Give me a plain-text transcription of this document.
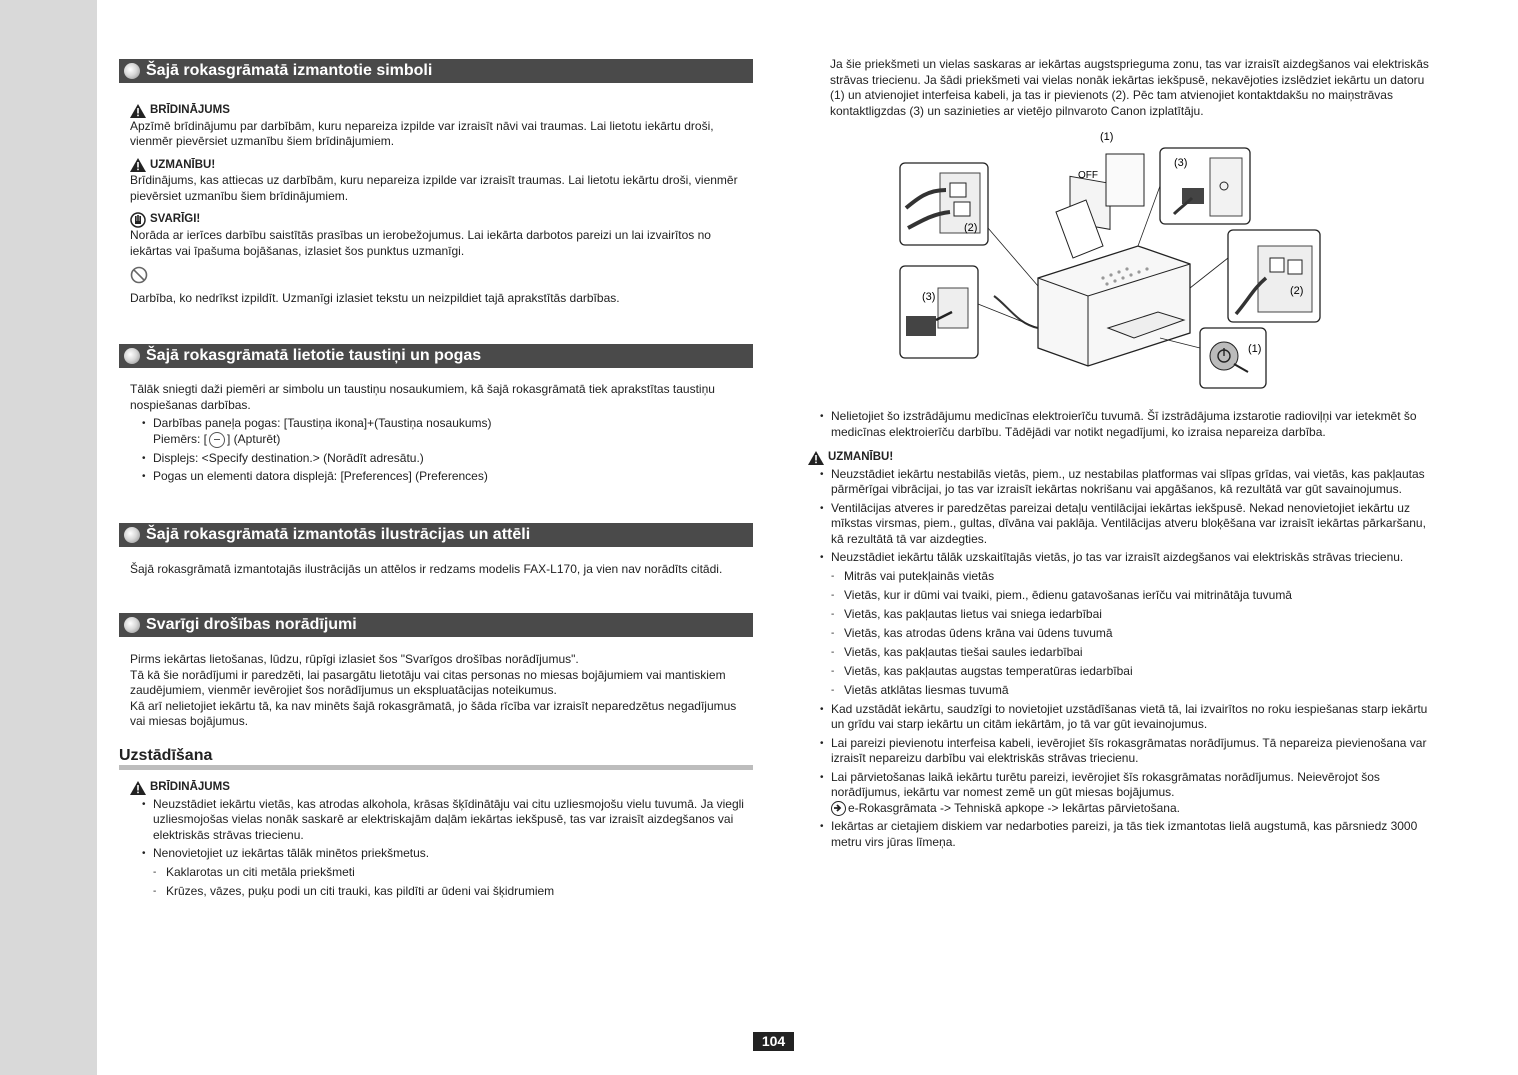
Šajā rokasgrāmatā izmantotie simboli
BRĪDINĀJUMS
Apzīmē brīdinājumu par darbībām, kuru nepareiza izpilde var izraisīt nāvi vai traumas. Lai lietotu iekārtu droši, vienmēr pievērsiet uzmanību šiem brīdinājumiem.
UZMANĪBU!
Brīdinājums, kas attiecas uz darbībām, kuru nepareiza izpilde var izraisīt traumas. Lai lietotu iekārtu droši, vienmēr pievērsiet uzmanību šiem brīdinājumiem.
SVARĪGI!
Norāda ar ierīces darbību saistītās prasības un ierobežojumus. Lai iekārta darbotos pareizi un lai izvairītos no iekārtas vai īpašuma bojāšanas, izlasiet šos punktus uzmanīgi.
Darbība, ko nedrīkst izpildīt. Uzmanīgi izlasiet tekstu un neizpildiet tajā aprakstītās darbības.
Šajā rokasgrāmatā lietotie taustiņi un pogas
Tālāk sniegti daži piemēri ar simbolu un taustiņu nosaukumiem, kā šajā rokasgrāmatā tiek aprakstītas taustiņu nospiešanas darbības.
• Darbības paneļa pogas: [Taustiņa ikona]+(Taustiņa nosaukums)
Piemērs: [ ] (Apturēt)
• Displejs: <Specify destination.> (Norādīt adresātu.)
• Pogas un elementi datora displejā: [Preferences] (Preferences)
Šajā rokasgrāmatā izmantotās ilustrācijas un attēli
Šajā rokasgrāmatā izmantotajās ilustrācijās un attēlos ir redzams modelis FAX-L170, ja vien nav norādīts citādi.
Svarīgi drošības norādījumi
Pirms iekārtas lietošanas, lūdzu, rūpīgi izlasiet šos "Svarīgos drošības norādījumus".
Tā kā šie norādījumi ir paredzēti, lai pasargātu lietotāju vai citas personas no miesas bojājumiem vai mantiskiem zaudējumiem, vienmēr ievērojiet šos norādījumus un ekspluatācijas noteikumus.
Kā arī nelietojiet iekārtu tā, ka nav minēts šajā rokasgrāmatā, jo šāda rīcība var izraisīt neparedzētus negadījumus vai miesas bojājumus.
Uzstādīšana
BRĪDINĀJUMS
• Neuzstādiet iekārtu vietās, kas atrodas alkohola, krāsas šķīdinātāju vai citu uzliesmojošu vielu tuvumā. Ja viegli uzliesmojošas vielas nonāk saskarē ar elektriskajām daļām iekārtas iekšpusē, tas var izraisīt aizdegšanos vai elektriskās strāvas triecienu.
• Nenovietojiet uz iekārtas tālāk minētos priekšmetus.
- Kaklarotas un citi metāla priekšmeti
- Krūzes, vāzes, puķu podi un citi trauki, kas pildīti ar ūdeni vai šķidrumiem
Ja šie priekšmeti un vielas saskaras ar iekārtas augstsprieguma zonu, tas var izraisīt aizdegšanos vai elektriskās strāvas triecienu. Ja šādi priekšmeti vai vielas nonāk iekārtas iekšpusē, nekavējoties izslēdziet iekārtu un datoru (1) un atvienojiet interfeisa kabeli, ja tas ir pievienots (2). Pēc tam atvienojiet kontaktdakšu no maiņstrāvas kontaktligzdas (3) un sazinieties ar vietējo pilnvaroto Canon izplatītāju.
(2)
(3)
(1)
OFF
(3)
(2)
(1)
• Nelietojiet šo izstrādājumu medicīnas elektroierīču tuvumā. Šī izstrādājuma izstarotie radioviļņi var ietekmēt šo medicīnas elektroierīču darbību. Tādējādi var notikt negadījumi, ko izraisa nepareiza darbība.
UZMANĪBU!
• Neuzstādiet iekārtu nestabilās vietās, piem., uz nestabilas platformas vai slīpas grīdas, vai vietās, kas pakļautas pārmērīgai vibrācijai, jo tas var izraisīt iekārtas nokrišanu vai apgāšanos, kā rezultātā var gūt savainojumus.
• Ventilācijas atveres ir paredzētas pareizai detaļu ventilācijai iekārtas iekšpusē. Nekad nenovietojiet iekārtu uz mīkstas virsmas, piem., gultas, dīvāna vai paklāja. Ventilācijas atveru bloķēšana var izraisīt iekārtas pārkaršanu, kā rezultātā tā var aizdegties.
• Neuzstādiet iekārtu tālāk uzskaitītajās vietās, jo tas var izraisīt aizdegšanos vai elektriskās strāvas triecienu.
- Mitrās vai putekļainās vietās
- Vietās, kur ir dūmi vai tvaiki, piem., ēdienu gatavošanas ierīču vai mitrinātāja tuvumā
- Vietās, kas pakļautas lietus vai sniega iedarbībai
- Vietās, kas atrodas ūdens krāna vai ūdens tuvumā
- Vietās, kas pakļautas tiešai saules iedarbībai
- Vietās, kas pakļautas augstas temperatūras iedarbībai
- Vietās atklātas liesmas tuvumā
• Kad uzstādāt iekārtu, saudzīgi to novietojiet uzstādīšanas vietā tā, lai izvairītos no roku iespiešanas starp iekārtu un grīdu vai starp iekārtu un citām iekārtām, jo tā var gūt ievainojumus.
• Lai pareizi pievienotu interfeisa kabeli, ievērojiet šīs rokasgrāmatas norādījumus. Tā nepareiza pievienošana var izraisīt nepareizu darbību vai elektriskās strāvas triecienu.
• Lai pārvietošanas laikā iekārtu turētu pareizi, ievērojiet šīs rokasgrāmatas norādījumus. Neievērojot šos norādījumus, iekārtu var nomest zemē un gūt miesas bojājumus.

e-Rokasgrāmata -> Tehniskā apkope -> Iekārtas pārvietošana.
• Iekārtas ar cietajiem diskiem var nedarboties pareizi, ja tās tiek izmantotas lielā augstumā, kas pārsniedz 3000 metru virs jūras līmeņa.
104
